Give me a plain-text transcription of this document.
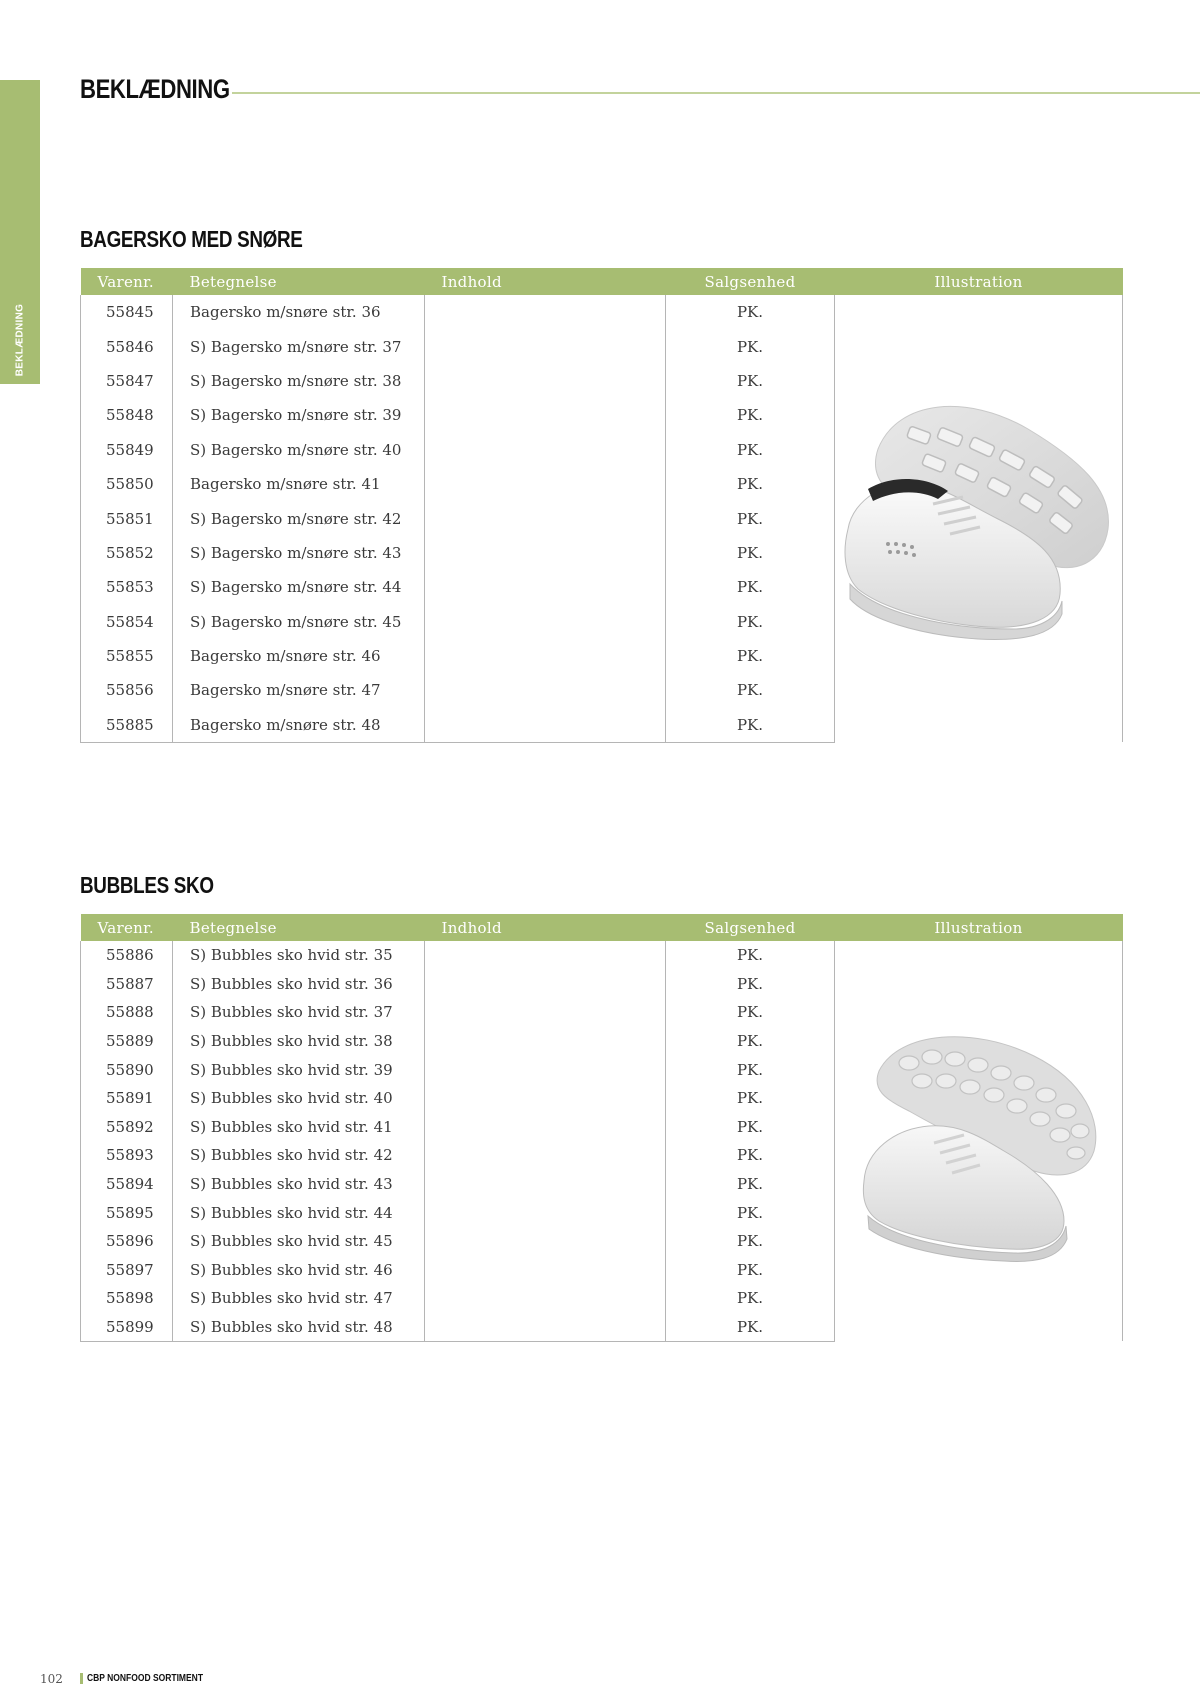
BEKLÆDNING
BEKLÆDNING
BAGERSKO MED SNØRE
Varenr.	Betegnelse	Indhold	Salgsenhed	Illustration
55845	Bagersko m/snøre str. 36		PK.	

55846	S) Bagersko m/snøre str. 37		PK.	
55847	S) Bagersko m/snøre str. 38		PK.	
55848	S) Bagersko m/snøre str. 39		PK.	
55849	S) Bagersko m/snøre str. 40		PK.	
55850	Bagersko m/snøre str. 41		PK.	
55851	S) Bagersko m/snøre str. 42		PK.	
55852	S) Bagersko m/snøre str. 43		PK.	
55853	S) Bagersko m/snøre str. 44		PK.	
55854	S) Bagersko m/snøre str. 45		PK.	
55855	Bagersko m/snøre str. 46		PK.	
55856	Bagersko m/snøre str. 47		PK.	
55885	Bagersko m/snøre str. 48		PK.	
BUBBLES SKO
Varenr.	Betegnelse	Indhold	Salgsenhed	Illustration
55886	S) Bubbles sko hvid str. 35		PK.	

55887	S) Bubbles sko hvid str. 36		PK.	
55888	S) Bubbles sko hvid str. 37		PK.	
55889	S) Bubbles sko hvid str. 38		PK.	
55890	S) Bubbles sko hvid str. 39		PK.	
55891	S) Bubbles sko hvid str. 40		PK.	
55892	S) Bubbles sko hvid str. 41		PK.	
55893	S) Bubbles sko hvid str. 42		PK.	
55894	S) Bubbles sko hvid str. 43		PK.	
55895	S) Bubbles sko hvid str. 44		PK.	
55896	S) Bubbles sko hvid str. 45		PK.	
55897	S) Bubbles sko hvid str. 46		PK.	
55898	S) Bubbles sko hvid str. 47		PK.	
55899	S) Bubbles sko hvid str. 48		PK.	
102 CBP NONFOOD SORTIMENT
